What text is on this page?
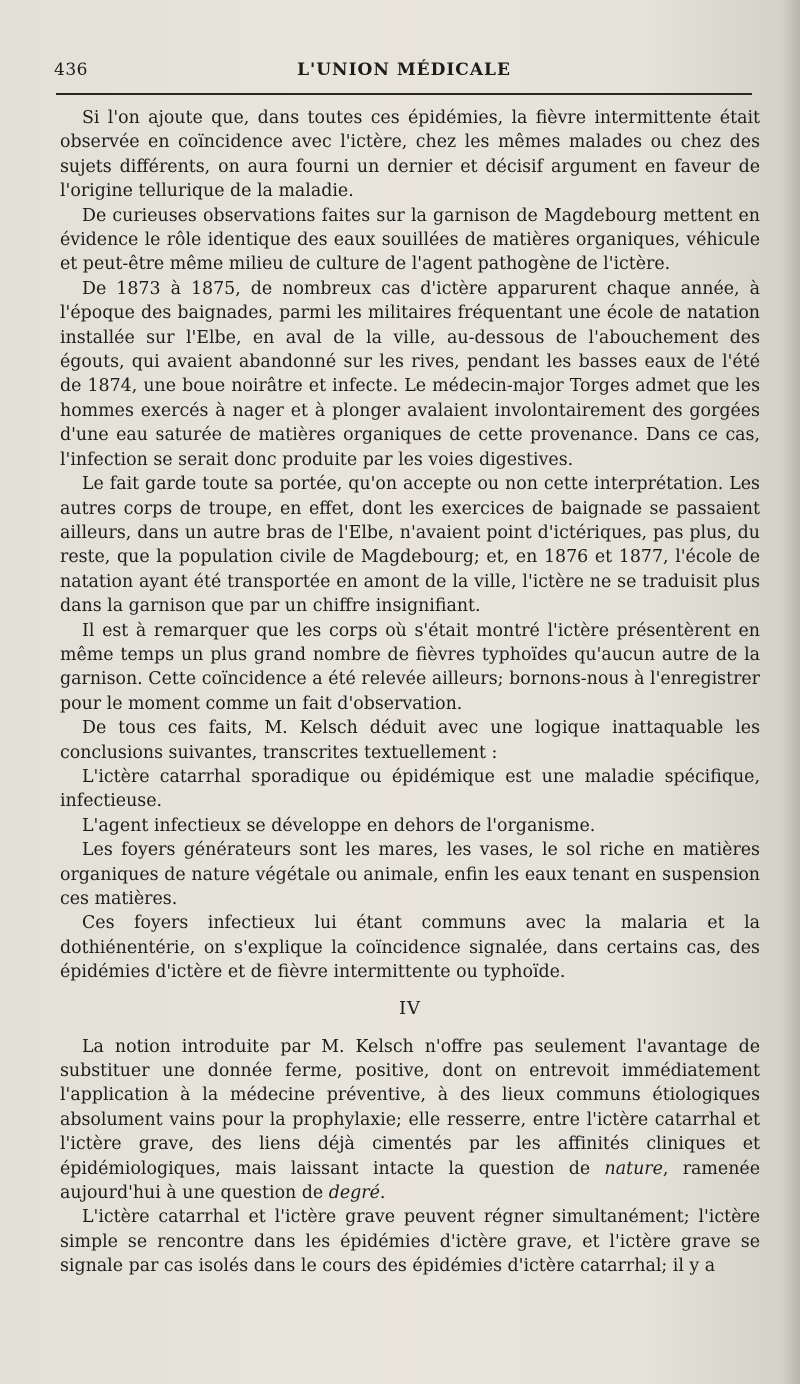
436	L'UNION MÉDICALE

Si l'on ajoute que, dans toutes ces épidémies, la fièvre intermittente était observée en coïncidence avec l'ictère, chez les mêmes malades ou chez des sujets différents, on aura fourni un dernier et décisif argument en faveur de l'origine tellurique de la maladie.

De curieuses observations faites sur la garnison de Magdebourg mettent en évidence le rôle identique des eaux souillées de matières organiques, véhicule et peut-être même milieu de culture de l'agent pathogène de l'ictère.

De 1873 à 1875, de nombreux cas d'ictère apparurent chaque année, à l'époque des baignades, parmi les militaires fréquentant une école de natation installée sur l'Elbe, en aval de la ville, au-dessous de l'abouchement des égouts, qui avaient abandonné sur les rives, pendant les basses eaux de l'été de 1874, une boue noirâtre et infecte. Le médecin-major Torges admet que les hommes exercés à nager et à plonger avalaient involontairement des gorgées d'une eau saturée de matières organiques de cette provenance. Dans ce cas, l'infection se serait donc produite par les voies digestives.

Le fait garde toute sa portée, qu'on accepte ou non cette interprétation. Les autres corps de troupe, en effet, dont les exercices de baignade se passaient ailleurs, dans un autre bras de l'Elbe, n'avaient point d'ictériques, pas plus, du reste, que la population civile de Magdebourg; et, en 1876 et 1877, l'école de natation ayant été transportée en amont de la ville, l'ictère ne se traduisit plus dans la garnison que par un chiffre insignifiant.

Il est à remarquer que les corps où s'était montré l'ictère présentèrent en même temps un plus grand nombre de fièvres typhoïdes qu'aucun autre de la garnison. Cette coïncidence a été relevée ailleurs; bornons-nous à l'enregistrer pour le moment comme un fait d'observation.

De tous ces faits, M. Kelsch déduit avec une logique inattaquable les conclusions suivantes, transcrites textuellement :

L'ictère catarrhal sporadique ou épidémique est une maladie spécifique, infectieuse.

L'agent infectieux se développe en dehors de l'organisme.

Les foyers générateurs sont les mares, les vases, le sol riche en matières organiques de nature végétale ou animale, enfin les eaux tenant en suspension ces matières.

Ces foyers infectieux lui étant communs avec la malaria et la dothiénentérie, on s'explique la coïncidence signalée, dans certains cas, des épidémies d'ictère et de fièvre intermittente ou typhoïde.

IV

La notion introduite par M. Kelsch n'offre pas seulement l'avantage de substituer une donnée ferme, positive, dont on entrevoit immédiatement l'application à la médecine préventive, à des lieux communs étiologiques absolument vains pour la prophylaxie; elle resserre, entre l'ictère catarrhal et l'ictère grave, des liens déjà cimentés par les affinités cliniques et épidémiologiques, mais laissant intacte la question de nature, ramenée aujourd'hui à une question de degré.

L'ictère catarrhal et l'ictère grave peuvent régner simultanément; l'ictère simple se rencontre dans les épidémies d'ictère grave, et l'ictère grave se signale par cas isolés dans le cours des épidémies d'ictère catarrhal; il y a
